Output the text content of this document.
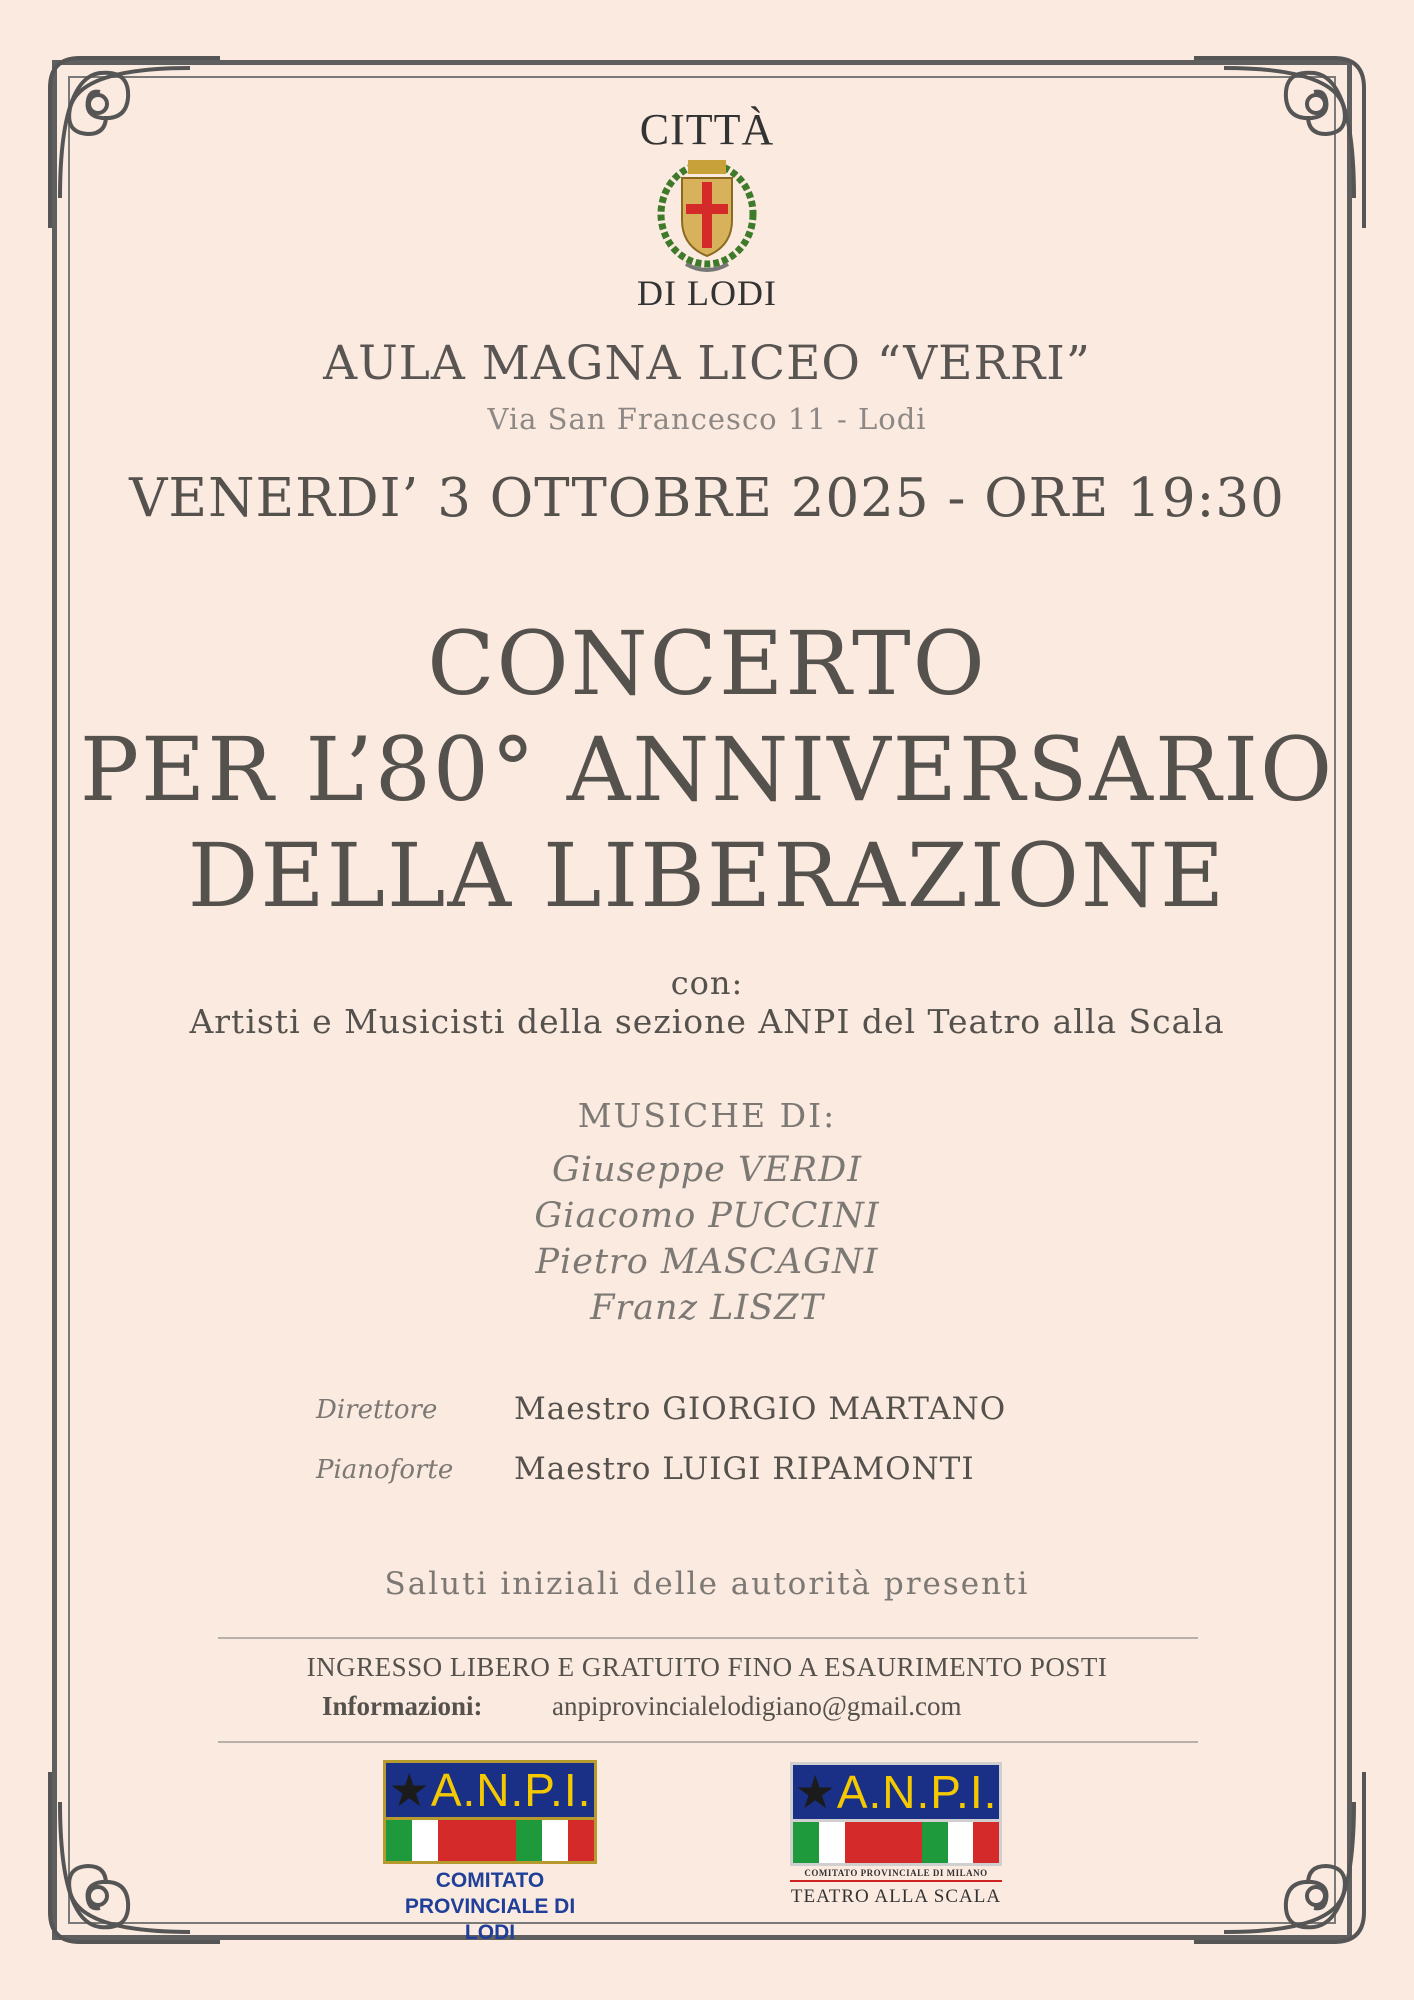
CITTÀ
DI LODI
AULA MAGNA LICEO “VERRI”
Via San Francesco 11 - Lodi
VENERDI’ 3 OTTOBRE 2025 - ORE 19:30
CONCERTO
PER L’80° ANNIVERSARIO
DELLA LIBERAZIONE
con:
Artisti e Musicisti della sezione ANPI del Teatro alla Scala
MUSICHE DI:
Giuseppe VERDI
Giacomo PUCCINI
Pietro MASCAGNI
Franz LISZT
Direttore Maestro GIORGIO MARTANO
Pianoforte Maestro LUIGI RIPAMONTI
Saluti iniziali delle autorità presenti
INGRESSO LIBERO E GRATUITO FINO A ESAURIMENTO POSTI
Informazioni:	anpiprovincialelodigiano@gmail.com
★A.N.P.I.
COMITATO
PROVINCIALE DI LODI
★A.N.P.I.
COMITATO PROVINCIALE DI MILANO
TEATRO ALLA SCALA
